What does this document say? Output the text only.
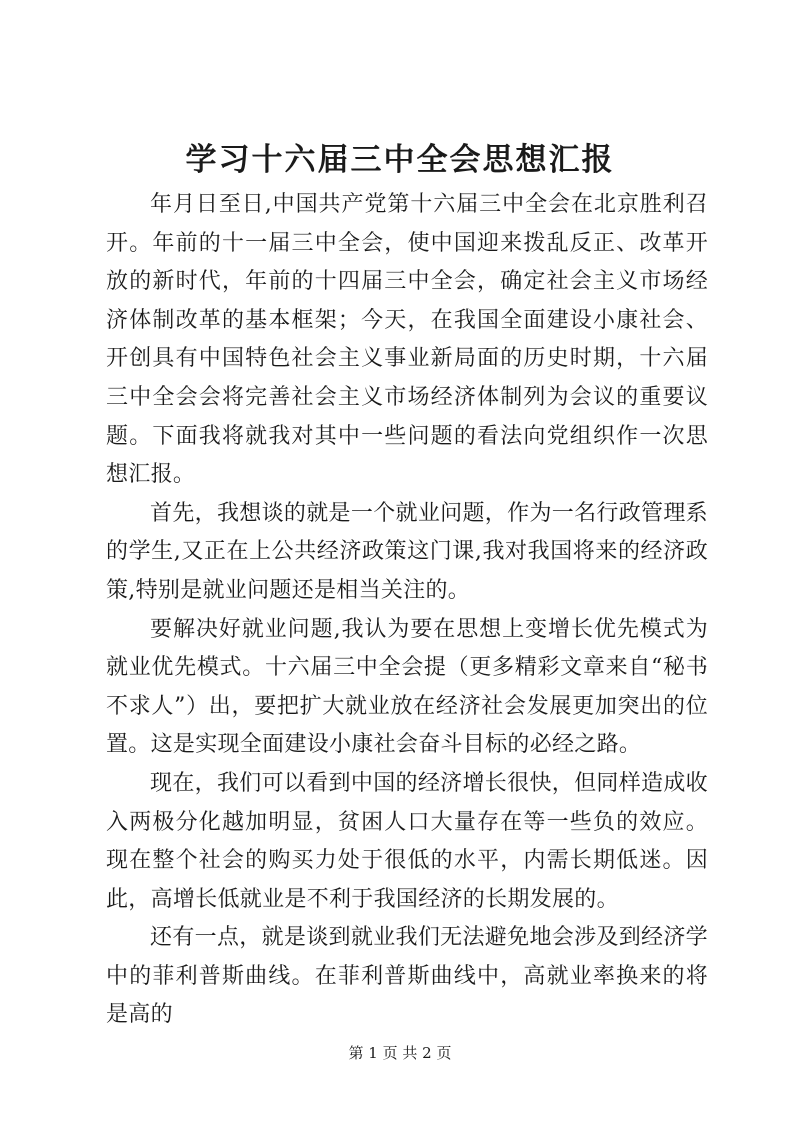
学习十六届三中全会思想汇报

年月日至日,中国共产党第十六届三中全会在北京胜利召开。年前的十一届三中全会，使中国迎来拨乱反正、改革开放的新时代，年前的十四届三中全会，确定社会主义市场经济体制改革的基本框架；今天，在我国全面建设小康社会、开创具有中国特色社会主义事业新局面的历史时期，十六届三中全会会将完善社会主义市场经济体制列为会议的重要议题。下面我将就我对其中一些问题的看法向党组织作一次思想汇报。

首先，我想谈的就是一个就业问题，作为一名行政管理系的学生,又正在上公共经济政策这门课,我对我国将来的经济政策,特别是就业问题还是相当关注的。

要解决好就业问题,我认为要在思想上变增长优先模式为就业优先模式。十六届三中全会提（更多精彩文章来自“秘书不求人”）出，要把扩大就业放在经济社会发展更加突出的位置。这是实现全面建设小康社会奋斗目标的必经之路。

现在，我们可以看到中国的经济增长很快，但同样造成收入两极分化越加明显，贫困人口大量存在等一些负的效应。现在整个社会的购买力处于很低的水平，内需长期低迷。因此，高增长低就业是不利于我国经济的长期发展的。

还有一点，就是谈到就业我们无法避免地会涉及到经济学中的菲利普斯曲线。在菲利普斯曲线中，高就业率换来的将是高的

第 1 页 共 2 页
